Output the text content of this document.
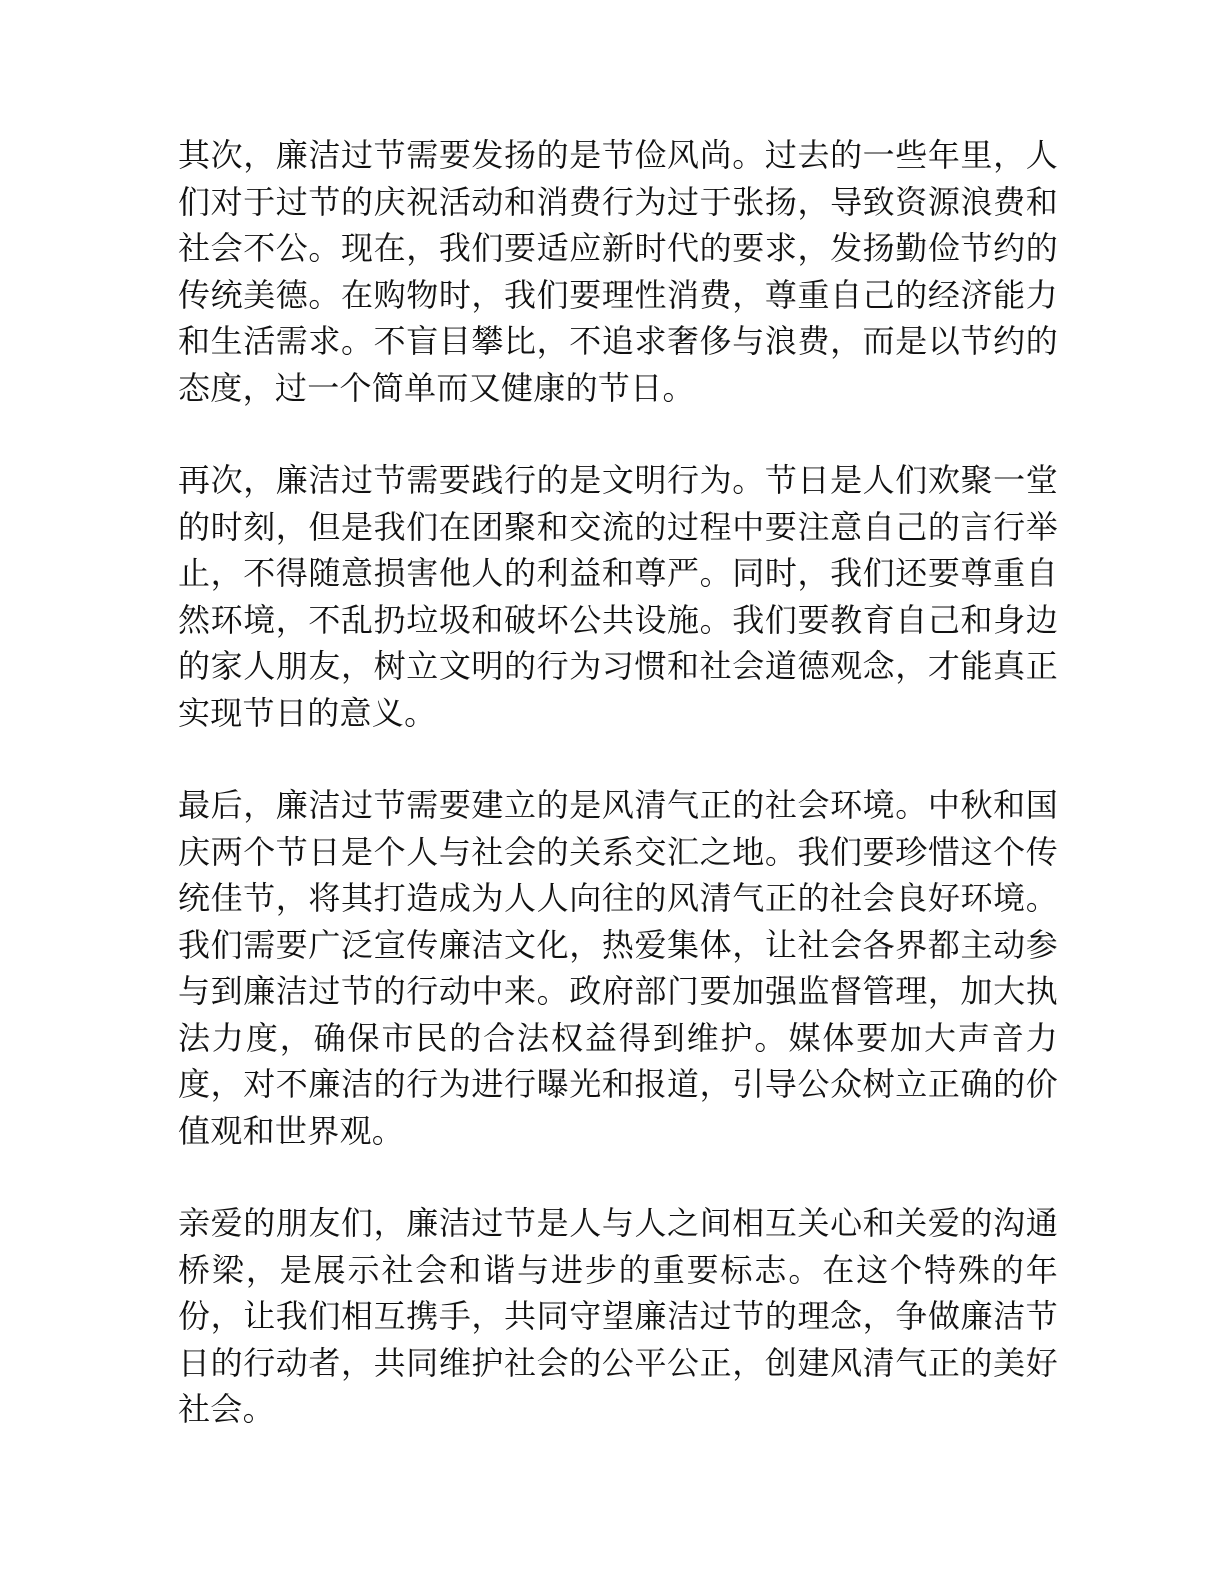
其次，廉洁过节需要发扬的是节俭风尚。过去的一些年里，人们对于过节的庆祝活动和消费行为过于张扬，导致资源浪费和社会不公。现在，我们要适应新时代的要求，发扬勤俭节约的传统美德。在购物时，我们要理性消费，尊重自己的经济能力和生活需求。不盲目攀比，不追求奢侈与浪费，而是以节约的态度，过一个简单而又健康的节日。

再次，廉洁过节需要践行的是文明行为。节日是人们欢聚一堂的时刻，但是我们在团聚和交流的过程中要注意自己的言行举止，不得随意损害他人的利益和尊严。同时，我们还要尊重自然环境，不乱扔垃圾和破坏公共设施。我们要教育自己和身边的家人朋友，树立文明的行为习惯和社会道德观念，才能真正实现节日的意义。

最后，廉洁过节需要建立的是风清气正的社会环境。中秋和国庆两个节日是个人与社会的关系交汇之地。我们要珍惜这个传统佳节，将其打造成为人人向往的风清气正的社会良好环境。我们需要广泛宣传廉洁文化，热爱集体，让社会各界都主动参与到廉洁过节的行动中来。政府部门要加强监督管理，加大执法力度，确保市民的合法权益得到维护。媒体要加大声音力度，对不廉洁的行为进行曝光和报道，引导公众树立正确的价值观和世界观。

亲爱的朋友们，廉洁过节是人与人之间相互关心和关爱的沟通桥梁，是展示社会和谐与进步的重要标志。在这个特殊的年份，让我们相互携手，共同守望廉洁过节的理念，争做廉洁节日的行动者，共同维护社会的公平公正，创建风清气正的美好社会。
